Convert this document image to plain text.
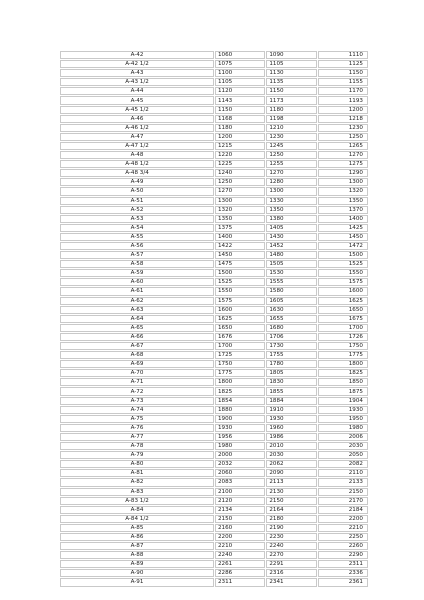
A-42	1060	1090	1110
A-42 1/2	1075	1105	1125
A-43	1100	1130	1150
A-43 1/2	1105	1135	1155
A-44	1120	1150	1170
A-45	1143	1173	1193
A-45 1/2	1150	1180	1200
A-46	1168	1198	1218
A-46 1/2	1180	1210	1230
A-47	1200	1230	1250
A-47 1/2	1215	1245	1265
A-48	1220	1250	1270
A-48 1/2	1225	1255	1275
A-48 3/4	1240	1270	1290
A-49	1250	1280	1300
A-50	1270	1300	1320
A-51	1300	1330	1350
A-52	1320	1350	1370
A-53	1350	1380	1400
A-54	1375	1405	1425
A-55	1400	1430	1450
A-56	1422	1452	1472
A-57	1450	1480	1500
A-58	1475	1505	1525
A-59	1500	1530	1550
A-60	1525	1555	1575
A-61	1550	1580	1600
A-62	1575	1605	1625
A-63	1600	1630	1650
A-64	1625	1655	1675
A-65	1650	1680	1700
A-66	1676	1706	1726
A-67	1700	1730	1750
A-68	1725	1755	1775
A-69	1750	1780	1800
A-70	1775	1805	1825
A-71	1800	1830	1850
A-72	1825	1855	1875
A-73	1854	1884	1904
A-74	1880	1910	1930
A-75	1900	1930	1950
A-76	1930	1960	1980
A-77	1956	1986	2006
A-78	1980	2010	2030
A-79	2000	2030	2050
A-80	2032	2062	2082
A-81	2060	2090	2110
A-82	2083	2113	2133
A-83	2100	2130	2150
A-83 1/2	2120	2150	2170
A-84	2134	2164	2184
A-84 1/2	2150	2180	2200
A-85	2160	2190	2210
A-86	2200	2230	2250
A-87	2210	2240	2260
A-88	2240	2270	2290
A-89	2261	2291	2311
A-90	2286	2316	2336
A-91	2311	2341	2361
